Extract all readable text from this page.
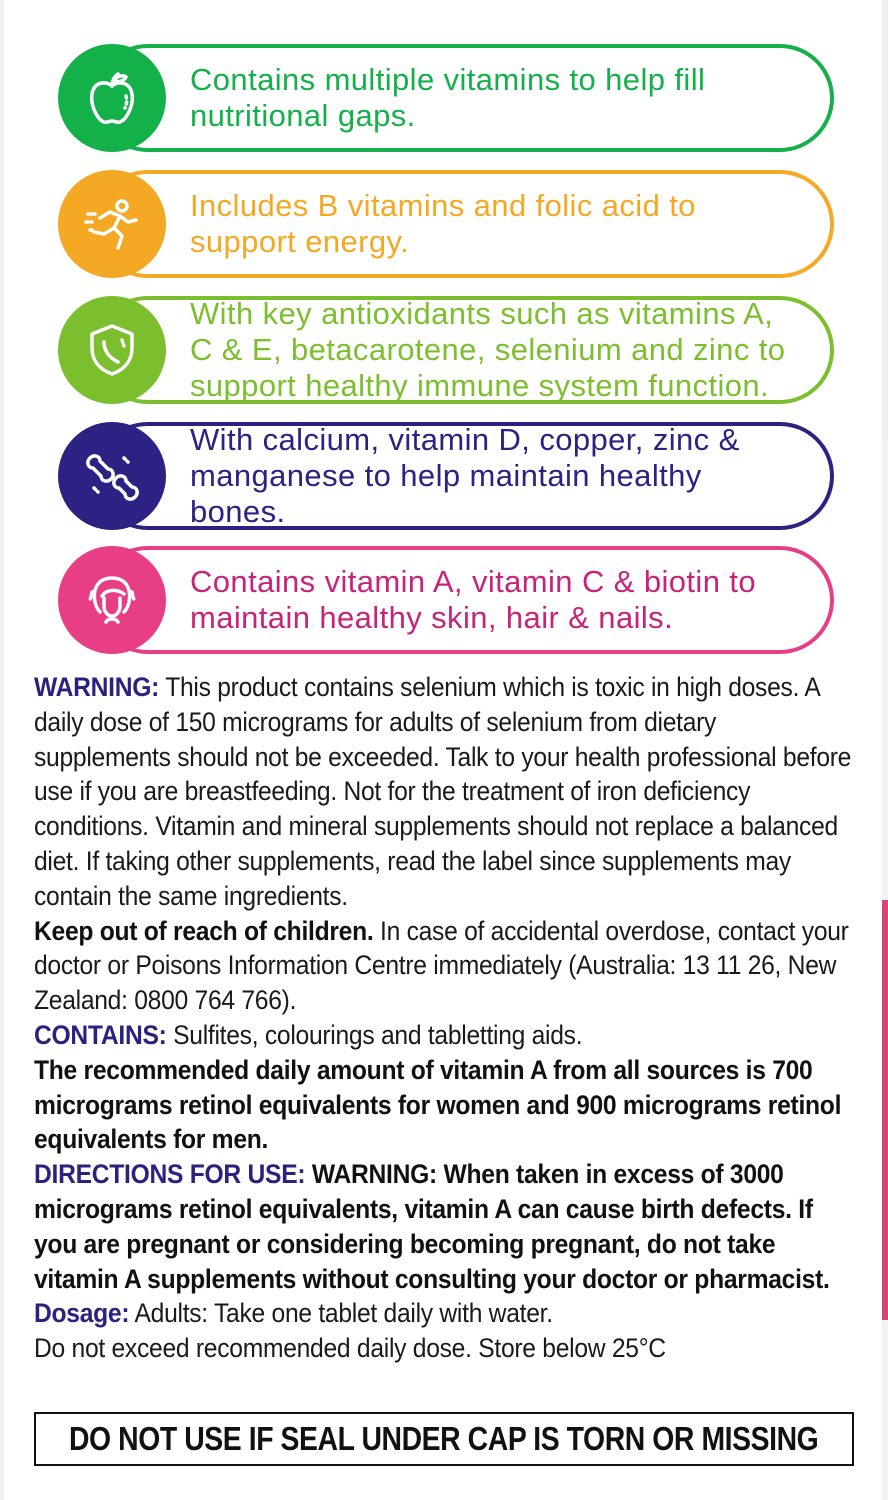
Contains multiple vitamins to help fill nutritional gaps.
Includes B vitamins and folic acid to support energy.
With key antioxidants such as vitamins A, C & E, betacarotene, selenium and zinc to support healthy immune system function.
With calcium, vitamin D, copper, zinc & manganese to help maintain healthy bones.
Contains vitamin A, vitamin C & biotin to maintain healthy skin, hair & nails.

WARNING: This product contains selenium which is toxic in high doses. A daily dose of 150 micrograms for adults of selenium from dietary supplements should not be exceeded. Talk to your health professional before use if you are breastfeeding. Not for the treatment of iron deficiency conditions. Vitamin and mineral supplements should not replace a balanced diet. If taking other supplements, read the label since supplements may contain the same ingredients.

Keep out of reach of children. In case of accidental overdose, contact your doctor or Poisons Information Centre immediately (Australia: 13 11 26, New Zealand: 0800 764 766).

CONTAINS: Sulfites, colourings and tabletting aids.

The recommended daily amount of vitamin A from all sources is 700 micrograms retinol equivalents for women and 900 micrograms retinol equivalents for men.

DIRECTIONS FOR USE: WARNING: When taken in excess of 3000 micrograms retinol equivalents, vitamin A can cause birth defects. If you are pregnant or considering becoming pregnant, do not take vitamin A supplements without consulting your doctor or pharmacist.

Dosage: Adults: Take one tablet daily with water.

Do not exceed recommended daily dose. Store below 25°C

DO NOT USE IF SEAL UNDER CAP IS TORN OR MISSING
